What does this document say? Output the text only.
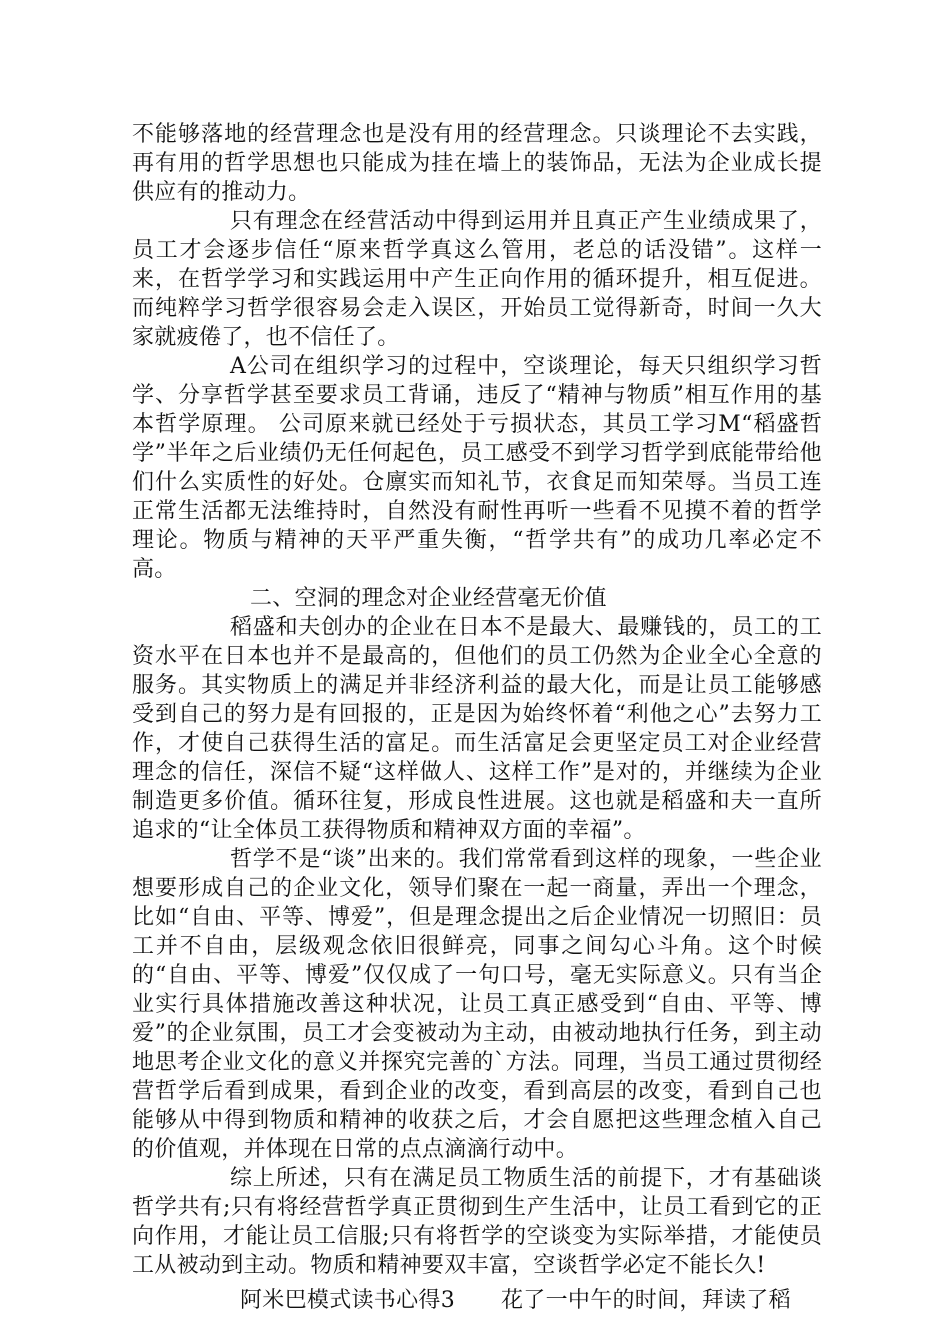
不能够落地的经营理念也是没有用的经营理念。只谈理论不去实践，再有用的哲学思想也只能成为挂在墙上的装饰品，无法为企业成长提供应有的推动力。

只有理念在经营活动中得到运用并且真正产生业绩成果了，员工才会逐步信任“原来哲学真这么管用，老总的话没错”。这样一来，在哲学学习和实践运用中产生正向作用的循环提升，相互促进。而纯粹学习哲学很容易会走入误区，开始员工觉得新奇，时间一久大家就疲倦了，也不信任了。

A公司在组织学习的过程中，空谈理论，每天只组织学习哲学、分享哲学甚至要求员工背诵，违反了“精神与物质”相互作用的基本哲学原理。 公司原来就已经处于亏损状态，其员工学习M“稻盛哲学”半年之后业绩仍无任何起色，员工感受不到学习哲学到底能带给他们什么实质性的好处。仓廪实而知礼节，衣食足而知荣辱。当员工连正常生活都无法维持时，自然没有耐性再听一些看不见摸不着的哲学理论。物质与精神的天平严重失衡，“哲学共有”的成功几率必定不高。

二、空洞的理念对企业经营毫无价值

稻盛和夫创办的企业在日本不是最大、最赚钱的，员工的工资水平在日本也并不是最高的，但他们的员工仍然为企业全心全意的服务。其实物质上的满足并非经济利益的最大化，而是让员工能够感受到自己的努力是有回报的，正是因为始终怀着“利他之心”去努力工作，才使自己获得生活的富足。而生活富足会更坚定员工对企业经营理念的信任，深信不疑“这样做人、这样工作”是对的，并继续为企业制造更多价值。循环往复，形成良性进展。这也就是稻盛和夫一直所追求的“让全体员工获得物质和精神双方面的幸福”。

哲学不是“谈”出来的。我们常常看到这样的现象，一些企业想要形成自己的企业文化，领导们聚在一起一商量，弄出一个理念，比如“自由、平等、博爱”，但是理念提出之后企业情况一切照旧：员工并不自由，层级观念依旧很鲜亮，同事之间勾心斗角。这个时候的“自由、平等、博爱”仅仅成了一句口号，毫无实际意义。只有当企业实行具体措施改善这种状况，让员工真正感受到“自由、平等、博爱”的企业氛围，员工才会变被动为主动，由被动地执行任务，到主动地思考企业文化的意义并探究完善的`方法。同理，当员工通过贯彻经营哲学后看到成果，看到企业的改变，看到高层的改变，看到自己也能够从中得到物质和精神的收获之后，才会自愿把这些理念植入自己的价值观，并体现在日常的点点滴滴行动中。

综上所述，只有在满足员工物质生活的前提下，才有基础谈哲学共有;只有将经营哲学真正贯彻到生产生活中，让员工看到它的正向作用，才能让员工信服;只有将哲学的空谈变为实际举措，才能使员工从被动到主动。物质和精神要双丰富，空谈哲学必定不能长久!

阿米巴模式读书心得3 花了一中午的时间，拜读了稻
